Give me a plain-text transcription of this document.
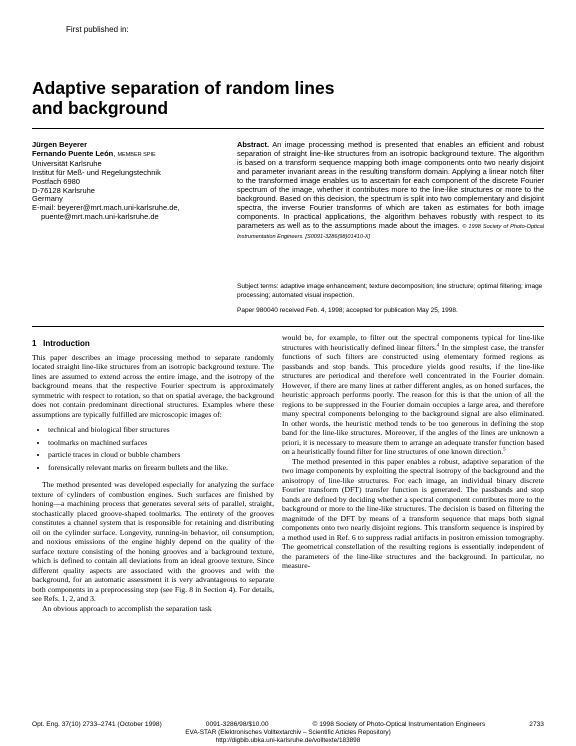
First published in:
Adaptive separation of random lines
and background
Jürgen Beyerer
Fernando Puente León, MEMBER SPIE
Universität Karlsruhe
Institut für Meß- und Regelungstechnik
Postfach 6980
D-76128 Karlsruhe
Germany
E-mail: beyerer@mrt.mach.uni-karlsruhe.de,
puente@mrt.mach.uni-karlsruhe.de
Abstract. An image processing method is presented that enables an efficient and robust separation of straight line-like structures from an isotropic background texture. The algorithm is based on a transform sequence mapping both image components onto two nearly disjoint and parameter invariant areas in the resulting transform domain. Applying a linear notch filter to the transformed image enables us to ascertain for each component of the discrete Fourier spectrum of the image, whether it contributes more to the line-like structures or more to the background. Based on this decision, the spectrum is split into two complementary and disjoint spectra, the inverse Fourier transforms of which are taken as estimates for both image components. In practical applications, the algorithm behaves robustly with respect to its parameters as well as to the assumptions made about the images. © 1998 Society of Photo-Optical Instrumentation Engineers. [S0091-3286(98)01410-X]
Subject terms: adaptive image enhancement; texture decomposition; line structure; optimal filtering; image processing; automated visual inspection.
Paper 980040 received Feb. 4, 1998; accepted for publication May 25, 1998.
1 Introduction

This paper describes an image processing method to separate randomly located straight line-like structures from an isotropic background texture. The lines are assumed to extend across the entire image, and the isotropy of the background means that the respective Fourier spectrum is approximately symmetric with respect to rotation, so that on spatial average, the background does not contain predominant directional structures. Examples where these assumptions are typically fulfilled are microscopic images of:

• technical and biological fiber structures
• toolmarks on machined surfaces
• particle traces in cloud or bubble chambers
• forensically relevant marks on firearm bullets and the like.

The method presented was developed especially for analyzing the surface texture of cylinders of combustion engines. Such surfaces are finished by honing—a machining process that generates several sets of parallel, straight, stochastically placed groove-shaped toolmarks. The entirety of the grooves constitutes a channel system that is responsible for retaining and distributing oil on the cylinder surface. Longevity, running-in behavior, oil consumption, and noxious emissions of the engine highly depend on the quality of the surface texture consisting of the honing grooves and a background texture, which is defined to contain all deviations from an ideal groove texture. Since different quality aspects are associated with the grooves and with the background, for an automatic assessment it is very advantageous to separate both components in a preprocessing step (see Fig. 8 in Section 4). For details, see Refs. 1, 2, and 3.

An obvious approach to accomplish the separation task

would be, for example, to filter out the spectral components typical for line-like structures with heuristically defined linear filters.$^4$ In the simplest case, the transfer functions of such filters are constructed using elementary formed regions as passbands and stop bands. This procedure yields good results, if the line-like structures are periodical and therefore well concentrated in the Fourier domain. However, if there are many lines at rather different angles, as on honed surfaces, the heuristic approach performs poorly. The reason for this is that the union of all the regions to be suppressed in the Fourier domain occupies a large area, and therefore many spectral components belonging to the background signal are also eliminated. In other words, the heuristic method tends to be too generous in defining the stop band for the line-like structures. Moreover, if the angles of the lines are unknown a priori, it is necessary to measure them to arrange an adequate transfer function based on a heuristically found filter for line structures of one known direction.$^5$

The method presented in this paper enables a robust, adaptive separation of the two image components by exploiting the spectral isotropy of the background and the anisotropy of line-like structures. For each image, an individual binary discrete Fourier transform (DFT) transfer function is generated. The passbands and stop bands are defined by deciding whether a spectral component contributes more to the background or more to the line-like structures. The decision is based on filtering the magnitude of the DFT by means of a transform sequence that maps both signal components onto two nearly disjoint regions. This transform sequence is inspired by a method used in Ref. 6 to suppress radial artifacts in positron emission tomography. The geometrical constellation of the resulting regions is essentially independent of the parameters of the line-like structures and the background. In particular, no measure-

Opt. Eng. 37(10) 2733–2741 (October 1998)	0091-3286/98/$10.00	© 1998 Society of Photo-Optical Instrumentation Engineers	2733
EVA-STAR (Elektronisches Volltextarchiv – Scientific Articles Repository)
http://digbib.ubka.uni-karlsruhe.de/volltexte/183898
